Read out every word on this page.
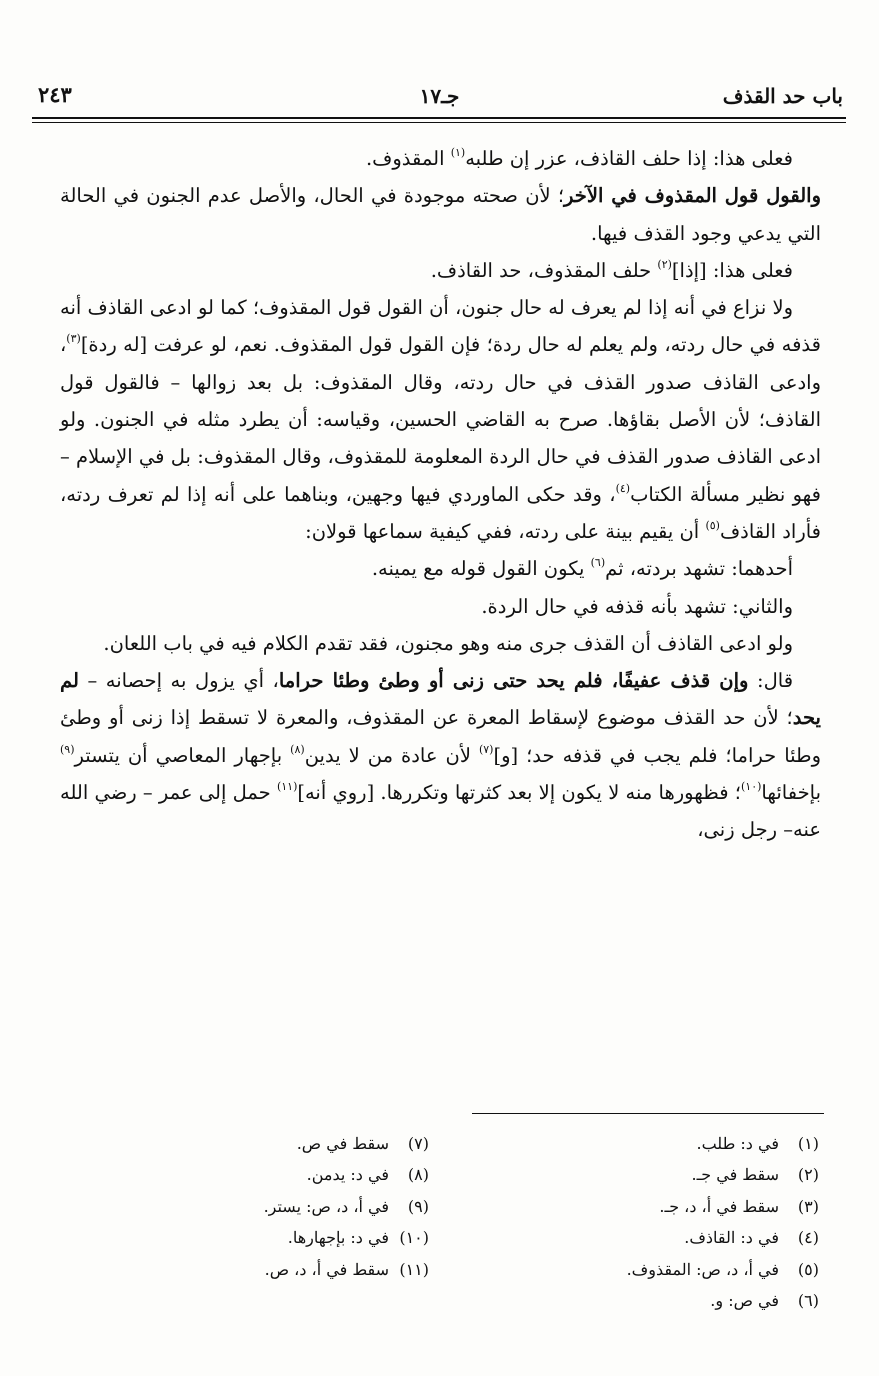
باب حد القذف
جـ١٧
٢٤٣

فعلى هذا: إذا حلف القاذف، عزر إن طلبه$^{(١)}$ المقذوف.

والقول قول المقذوف في الآخر؛ لأن صحته موجودة في الحال، والأصل عدم الجنون في الحالة التي يدعي وجود القذف فيها.

فعلى هذا: [إذا]$^{(٢)}$ حلف المقذوف، حد القاذف.

ولا نزاع في أنه إذا لم يعرف له حال جنون، أن القول قول المقذوف؛ كما لو ادعى القاذف أنه قذفه في حال ردته، ولم يعلم له حال ردة؛ فإن القول قول المقذوف. نعم، لو عرفت [له ردة]$^{(٣)}$، وادعى القاذف صدور القذف في حال ردته، وقال المقذوف: بل بعد زوالها – فالقول قول القاذف؛ لأن الأصل بقاؤها. صرح به القاضي الحسين، وقياسه: أن يطرد مثله في الجنون. ولو ادعى القاذف صدور القذف في حال الردة المعلومة للمقذوف، وقال المقذوف: بل في الإسلام – فهو نظير مسألة الكتاب$^{(٤)}$، وقد حكى الماوردي فيها وجهين، وبناهما على أنه إذا لم تعرف ردته، فأراد القاذف$^{(٥)}$ أن يقيم بينة على ردته، ففي كيفية سماعها قولان:

أحدهما: تشهد بردته، ثم$^{(٦)}$ يكون القول قوله مع يمينه.

والثاني: تشهد بأنه قذفه في حال الردة.

ولو ادعى القاذف أن القذف جرى منه وهو مجنون، فقد تقدم الكلام فيه في باب اللعان.

قال: وإن قذف عفيفًا، فلم يحد حتى زنى أو وطئ وطئا حراما، أي يزول به إحصانه – لم يحد؛ لأن حد القذف موضوع لإسقاط المعرة عن المقذوف، والمعرة لا تسقط إذا زنى أو وطئ وطئا حراما؛ فلم يجب في قذفه حد؛ [و]$^{(٧)}$ لأن عادة من لا يدين$^{(٨)}$ بإجهار المعاصي أن يتستر$^{(٩)}$ بإخفائها$^{(١٠)}$؛ فظهورها منه لا يكون إلا بعد كثرتها وتكررها. [روي أنه]$^{(١١)}$ حمل إلى عمر – رضي الله عنه– رجل زنى،

(١)
في د: طلب.
(٢)
سقط في جـ.
(٣)
سقط في أ، د، جـ.
(٤)
في د: القاذف.
(٥)
في أ، د، ص: المقذوف.
(٦)
في ص: و.
(٧)
سقط في ص.
(٨)
في د: يدمن.
(٩)
في أ، د، ص: يستر.
(١٠)
في د: بإجهارها.
(١١)
سقط في أ، د، ص.
